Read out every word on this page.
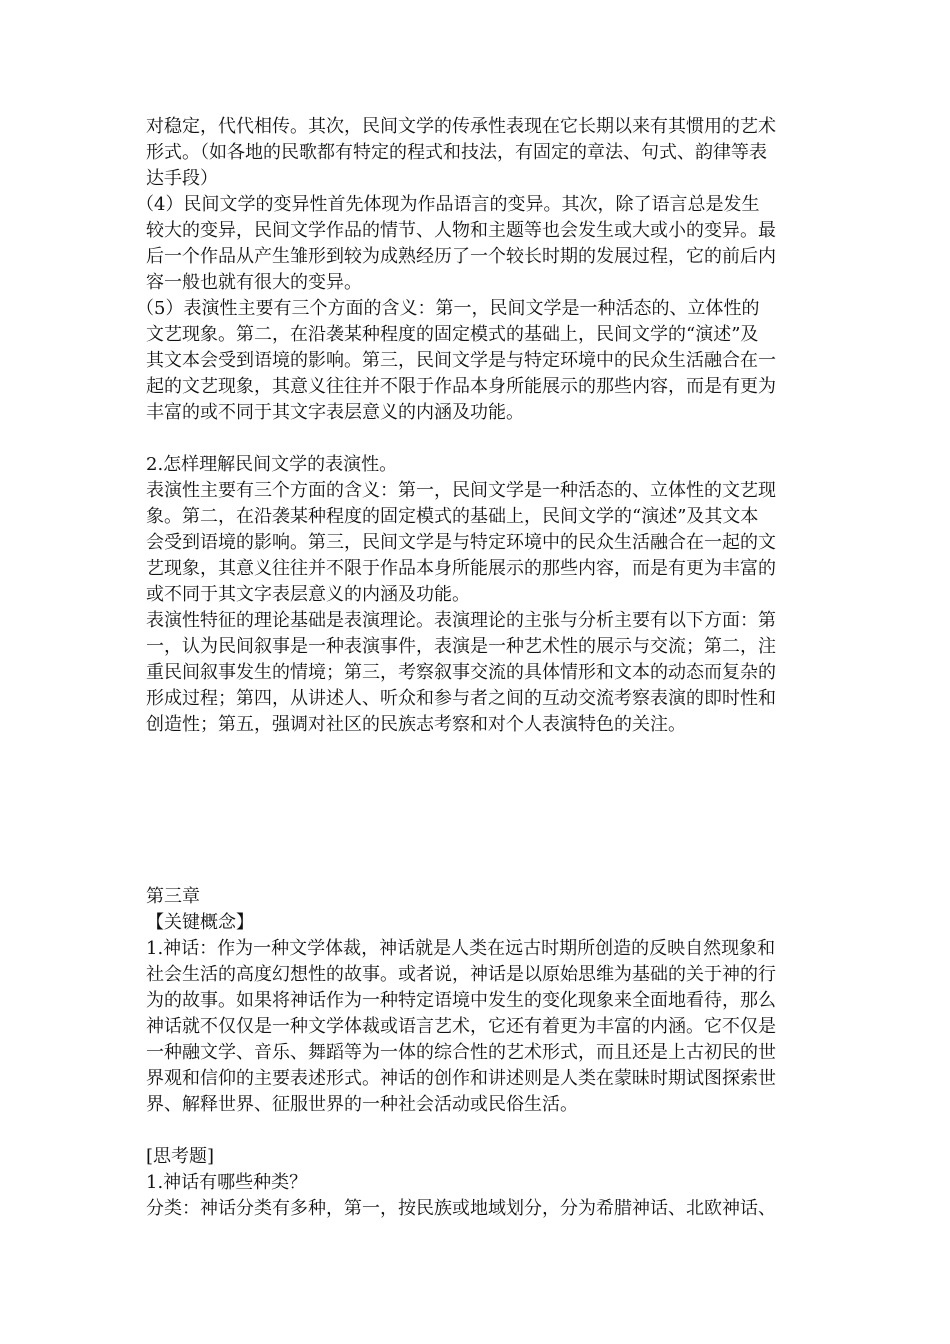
对稳定，代代相传。其次，民间文学的传承性表现在它长期以来有其惯用的艺术
形式。（如各地的民歌都有特定的程式和技法，有固定的章法、句式、韵律等表
达手段）
（4）民间文学的变异性首先体现为作品语言的变异。其次，除了语言总是发生
较大的变异，民间文学作品的情节、人物和主题等也会发生或大或小的变异。最
后一个作品从产生雏形到较为成熟经历了一个较长时期的发展过程，它的前后内
容一般也就有很大的变异。
（5）表演性主要有三个方面的含义：第一，民间文学是一种活态的、立体性的
文艺现象。第二，在沿袭某种程度的固定模式的基础上，民间文学的“演述”及
其文本会受到语境的影响。第三，民间文学是与特定环境中的民众生活融合在一
起的文艺现象，其意义往往并不限于作品本身所能展示的那些内容，而是有更为
丰富的或不同于其文字表层意义的内涵及功能。
2.怎样理解民间文学的表演性。
表演性主要有三个方面的含义：第一，民间文学是一种活态的、立体性的文艺现
象。第二，在沿袭某种程度的固定模式的基础上，民间文学的“演述”及其文本
会受到语境的影响。第三，民间文学是与特定环境中的民众生活融合在一起的文
艺现象，其意义往往并不限于作品本身所能展示的那些内容，而是有更为丰富的
或不同于其文字表层意义的内涵及功能。
表演性特征的理论基础是表演理论。表演理论的主张与分析主要有以下方面：第
一，认为民间叙事是一种表演事件，表演是一种艺术性的展示与交流；第二，注
重民间叙事发生的情境；第三，考察叙事交流的具体情形和文本的动态而复杂的
形成过程；第四，从讲述人、听众和参与者之间的互动交流考察表演的即时性和
创造性；第五，强调对社区的民族志考察和对个人表演特色的关注。
第三章
【关键概念】
1.神话：作为一种文学体裁，神话就是人类在远古时期所创造的反映自然现象和
社会生活的高度幻想性的故事。或者说，神话是以原始思维为基础的关于神的行
为的故事。如果将神话作为一种特定语境中发生的变化现象来全面地看待，那么
神话就不仅仅是一种文学体裁或语言艺术，它还有着更为丰富的内涵。它不仅是
一种融文学、音乐、舞蹈等为一体的综合性的艺术形式，而且还是上古初民的世
界观和信仰的主要表述形式。神话的创作和讲述则是人类在蒙昧时期试图探索世
界、解释世界、征服世界的一种社会活动或民俗生活。
[思考题]
1.神话有哪些种类？
分类：神话分类有多种，第一，按民族或地域划分，分为希腊神话、北欧神话、
